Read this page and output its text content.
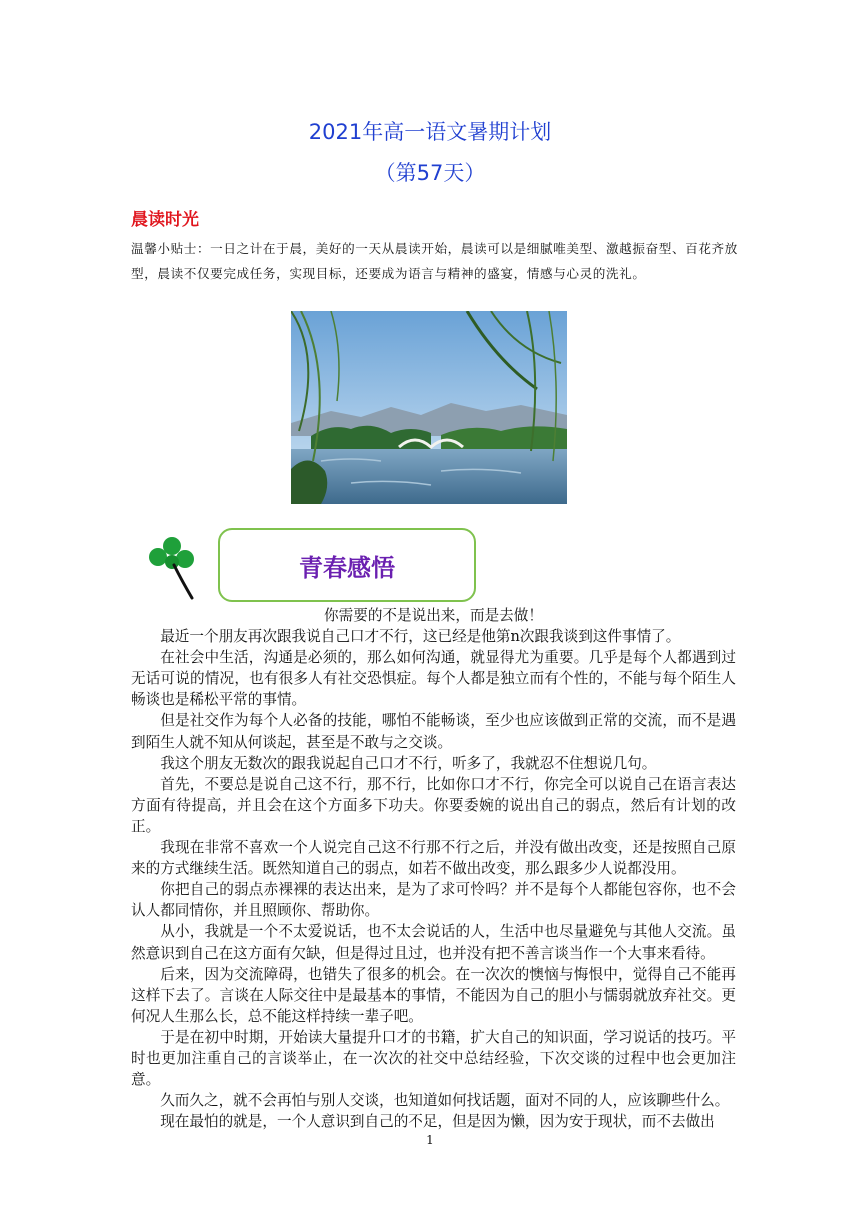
2021年高一语文暑期计划
（第57天）
晨读时光

温馨小贴士：一日之计在于晨，美好的一天从晨读开始，晨读可以是细腻唯美型、激越振奋型、百花齐放型，晨读不仅要完成任务，实现目标，还要成为语言与精神的盛宴，情感与心灵的洗礼。

青春感悟

你需要的不是说出来，而是去做！

最近一个朋友再次跟我说自己口才不行，这已经是他第n次跟我谈到这件事情了。

在社会中生活，沟通是必须的，那么如何沟通，就显得尤为重要。几乎是每个人都遇到过无话可说的情况，也有很多人有社交恐惧症。每个人都是独立而有个性的，不能与每个陌生人畅谈也是稀松平常的事情。

但是社交作为每个人必备的技能，哪怕不能畅谈，至少也应该做到正常的交流，而不是遇到陌生人就不知从何谈起，甚至是不敢与之交谈。

我这个朋友无数次的跟我说起自己口才不行，听多了，我就忍不住想说几句。

首先，不要总是说自己这不行，那不行，比如你口才不行，你完全可以说自己在语言表达方面有待提高，并且会在这个方面多下功夫。你要委婉的说出自己的弱点，然后有计划的改正。

我现在非常不喜欢一个人说完自己这不行那不行之后，并没有做出改变，还是按照自己原来的方式继续生活。既然知道自己的弱点，如若不做出改变，那么跟多少人说都没用。

你把自己的弱点赤裸裸的表达出来，是为了求可怜吗？并不是每个人都能包容你，也不会认人都同情你，并且照顾你、帮助你。

从小，我就是一个不太爱说话，也不太会说话的人，生活中也尽量避免与其他人交流。虽然意识到自己在这方面有欠缺，但是得过且过，也并没有把不善言谈当作一个大事来看待。

后来，因为交流障碍，也错失了很多的机会。在一次次的懊恼与悔恨中，觉得自己不能再这样下去了。言谈在人际交往中是最基本的事情，不能因为自己的胆小与懦弱就放弃社交。更何况人生那么长，总不能这样持续一辈子吧。

于是在初中时期，开始读大量提升口才的书籍，扩大自己的知识面，学习说话的技巧。平时也更加注重自己的言谈举止，在一次次的社交中总结经验，下次交谈的过程中也会更加注意。

久而久之，就不会再怕与别人交谈，也知道如何找话题，面对不同的人，应该聊些什么。

现在最怕的就是，一个人意识到自己的不足，但是因为懒，因为安于现状，而不去做出

1
